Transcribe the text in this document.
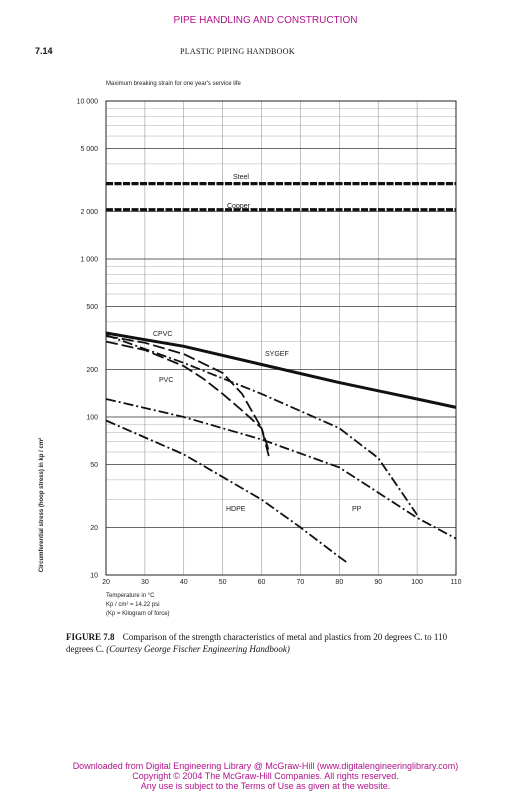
PIPE HANDLING AND CONSTRUCTION
7.14	PLASTIC PIPING HANDBOOK
Maximum breaking strain for one year's service life
20	30	40	50	60	70	80	90	100	110
10
20
50
100
200
500
1 000
2 000
5 000
10 000
Steel
Copper
CPVC
SYGEF
PVC
HDPE	PP
Circumferential stress (hoop stress) in kp / cm²
Temperature in °C
Kp / cm² = 14.22 psi
(Kp = Kilogram of force)
FIGURE 7.8 Comparison of the strength characteristics of metal and plastics from 20 degrees C. to 110 degrees C. (Courtesy George Fischer Engineering Handbook)
Downloaded from Digital Engineering Library @ McGraw-Hill (www.digitalengineeringlibrary.com)
Copyright © 2004 The McGraw-Hill Companies. All rights reserved.
Any use is subject to the Terms of Use as given at the website.
